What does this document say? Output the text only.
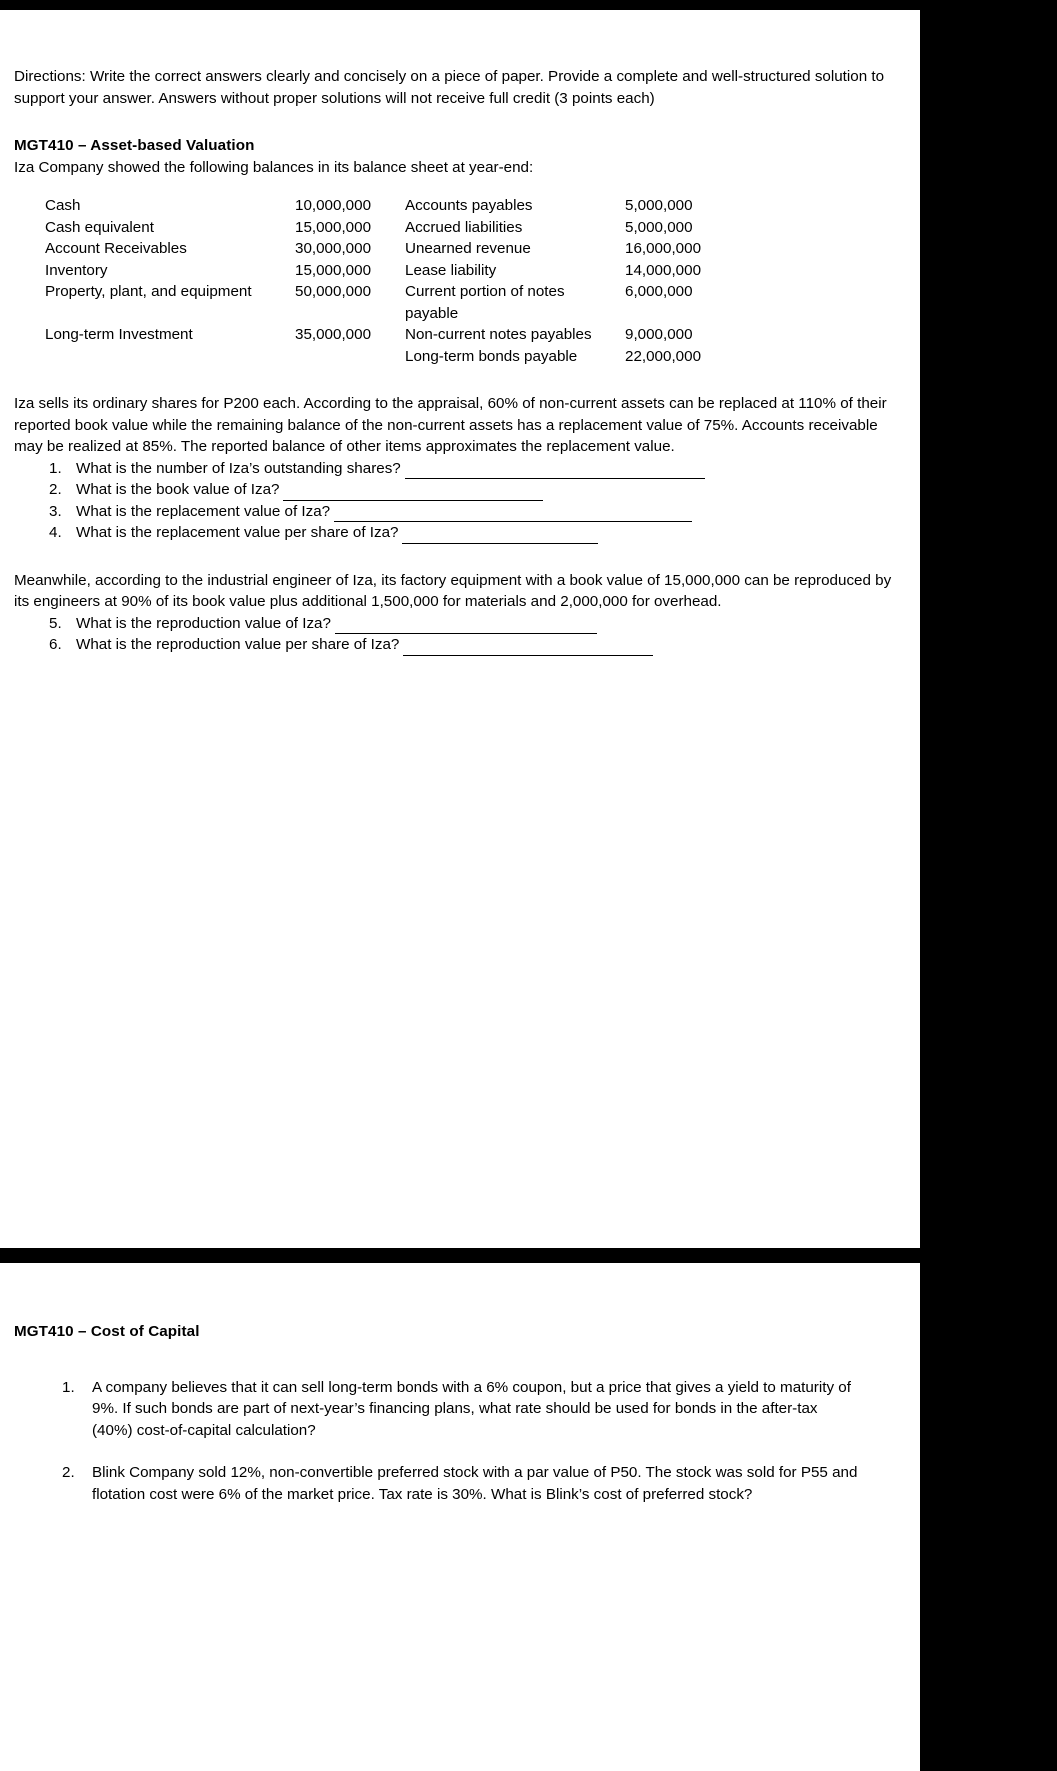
Directions: Write the correct answers clearly and concisely on a piece of paper. Provide a complete and well-structured solution to support your answer. Answers without proper solutions will not receive full credit (3 points each)

MGT410 – Asset-based Valuation

Iza Company showed the following balances in its balance sheet at year-end:

Cash	10,000,000	Accounts payables	5,000,000
Cash equivalent	15,000,000	Accrued liabilities	5,000,000
Account Receivables	30,000,000	Unearned revenue	16,000,000
Inventory	15,000,000	Lease liability	14,000,000
Property, plant, and equipment	50,000,000	Current portion of notes payable	6,000,000
Long-term Investment	35,000,000	Non-current notes payables	9,000,000
		Long-term bonds payable	22,000,000

Iza sells its ordinary shares for P200 each. According to the appraisal, 60% of non-current assets can be replaced at 110% of their reported book value while the remaining balance of the non-current assets has a replacement value of 75%. Accounts receivable may be realized at 85%. The reported balance of other items approximates the replacement value.

1. What is the number of Iza’s outstanding shares?
2. What is the book value of Iza?
3. What is the replacement value of Iza?
4. What is the replacement value per share of Iza?

Meanwhile, according to the industrial engineer of Iza, its factory equipment with a book value of 15,000,000 can be reproduced by its engineers at 90% of its book value plus additional 1,500,000 for materials and 2,000,000 for overhead.

5. What is the reproduction value of Iza?
6. What is the reproduction value per share of Iza?

MGT410 – Cost of Capital

1.	A company believes that it can sell long-term bonds with a 6% coupon, but a price that gives a yield to maturity of 9%. If such bonds are part of next-year’s financing plans, what rate should be used for bonds in the after-tax (40%) cost-of-capital calculation?
2.	Blink Company sold 12%, non-convertible preferred stock with a par value of P50. The stock was sold for P55 and flotation cost were 6% of the market price. Tax rate is 30%. What is Blink’s cost of preferred stock?
